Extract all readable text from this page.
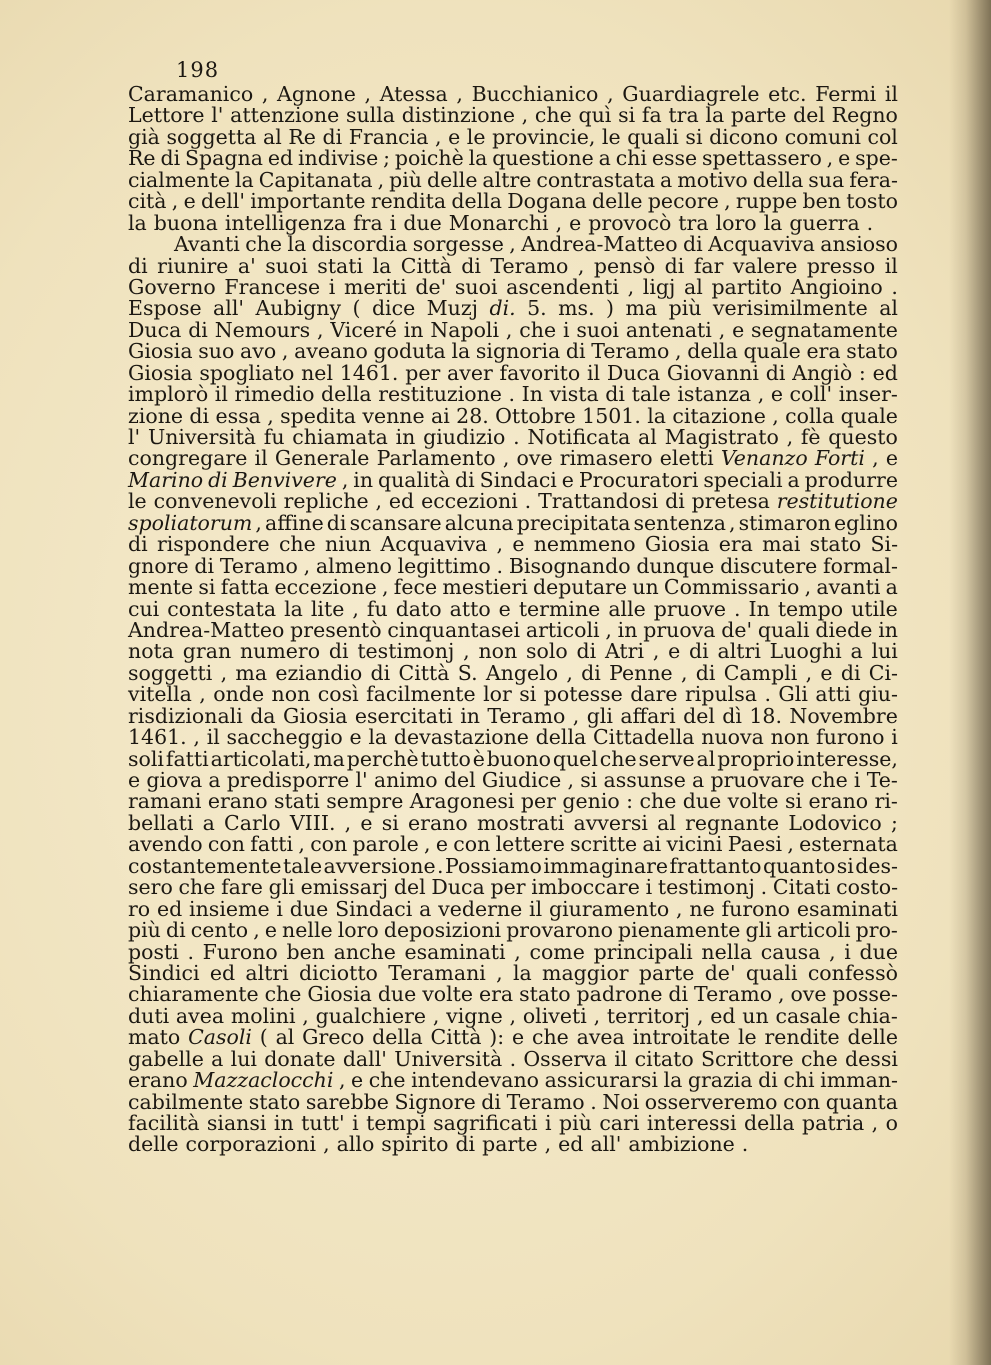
198
Caramanico , Agnone , Atessa , Bucchianico , Guardiagrele etc. Fermi il
Lettore l' attenzione sulla distinzione , che quì si fa tra la parte del Regno
già soggetta al Re di Francia , e le provincie, le quali si dicono comuni col
Re di Spagna ed indivise ; poichè la questione a chi esse spettassero , e spe-
cialmente la Capitanata , più delle altre contrastata a motivo della sua fera-
cità , e dell' importante rendita della Dogana delle pecore , ruppe ben tosto
la buona intelligenza fra i due Monarchi , e provocò tra loro la guerra .
Avanti che la discordia sorgesse , Andrea-Matteo di Acquaviva ansioso
di riunire a' suoi stati la Città di Teramo , pensò di far valere presso il
Governo Francese i meriti de' suoi ascendenti , ligj al partito Angioino .
Espose all' Aubigny ( dice Muzj di. 5. ms. ) ma più verisimilmente al
Duca di Nemours , Viceré in Napoli , che i suoi antenati , e segnatamente
Giosia suo avo , aveano goduta la signoria di Teramo , della quale era stato
Giosia spogliato nel 1461. per aver favorito il Duca Giovanni di Angiò : ed
implorò il rimedio della restituzione . In vista di tale istanza , e coll' inser-
zione di essa , spedita venne ai 28. Ottobre 1501. la citazione , colla quale
l' Università fu chiamata in giudizio . Notificata al Magistrato , fè questo
congregare il Generale Parlamento , ove rimasero eletti Venanzo Forti , e
Marino di Benvivere , in qualità di Sindaci e Procuratori speciali a produrre
le convenevoli repliche , ed eccezioni . Trattandosi di pretesa restitutione
spoliatorum , affine di scansare alcuna precipitata sentenza , stimaron eglino
di rispondere che niun Acquaviva , e nemmeno Giosia era mai stato Si-
gnore di Teramo , almeno legittimo . Bisognando dunque discutere formal-
mente si fatta eccezione , fece mestieri deputare un Commissario , avanti a
cui contestata la lite , fu dato atto e termine alle pruove . In tempo utile
Andrea-Matteo presentò cinquantasei articoli , in pruova de' quali diede in
nota gran numero di testimonj , non solo di Atri , e di altri Luoghi a lui
soggetti , ma eziandio di Città S. Angelo , di Penne , di Campli , e di Ci-
vitella , onde non così facilmente lor si potesse dare ripulsa . Gli atti giu-
risdizionali da Giosia esercitati in Teramo , gli affari del dì 18. Novembre
1461. , il saccheggio e la devastazione della Cittadella nuova non furono i
soli fatti articolati, ma perchè tutto è buono quel che serve al proprio interesse,
e giova a predisporre l' animo del Giudice , si assunse a pruovare che i Te-
ramani erano stati sempre Aragonesi per genio : che due volte si erano ri-
bellati a Carlo VIII. , e si erano mostrati avversi al regnante Lodovico ;
avendo con fatti , con parole , e con lettere scritte ai vicini Paesi , esternata
costantemente tale avversione . Possiamo immaginare frattanto quanto si des-
sero che fare gli emissarj del Duca per imboccare i testimonj . Citati costo-
ro ed insieme i due Sindaci a vederne il giuramento , ne furono esaminati
più di cento , e nelle loro deposizioni provarono pienamente gli articoli pro-
posti . Furono ben anche esaminati , come principali nella causa , i due
Sindici ed altri diciotto Teramani , la maggior parte de' quali confessò
chiaramente che Giosia due volte era stato padrone di Teramo , ove posse-
duti avea molini , gualchiere , vigne , oliveti , territorj , ed un casale chia-
mato Casoli ( al Greco della Città ): e che avea introitate le rendite delle
gabelle a lui donate dall' Università . Osserva il citato Scrittore che dessi
erano Mazzaclocchi , e che intendevano assicurarsi la grazia di chi imman-
cabilmente stato sarebbe Signore di Teramo . Noi osserveremo con quanta
facilità siansi in tutt' i tempi sagrificati i più cari interessi della patria , o
delle corporazioni , allo spirito di parte , ed all' ambizione .
